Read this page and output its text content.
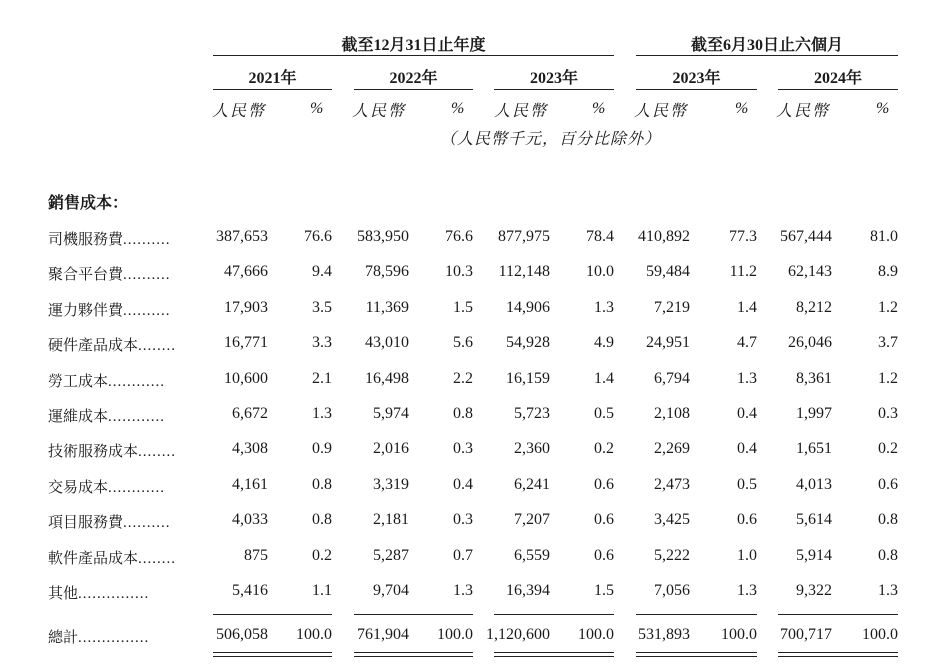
截至12月31日止年度	截至6月30日止六個月
2021年	2022年	2023年	2023年	2024年
人民幣	% 人民幣	% 人民幣	% 人民幣	% 人民幣	%
（人民幣千元，百分比除外）
銷售成本：
司機服務費..........	387,653	76.6	583,950	76.6	877,975	78.4	410,892	77.3	567,444	81.0
聚合平台費..........	47,666	9.4	78,596	10.3	112,148	10.0	59,484	11.2	62,143	8.9
運力夥伴費..........	17,903	3.5	11,369	1.5	14,906	1.3	7,219	1.4	8,212	1.2
硬件產品成本........	16,771	3.3	43,010	5.6	54,928	4.9	24,951	4.7	26,046	3.7
勞工成本............	10,600	2.1	16,498	2.2	16,159	1.4	6,794	1.3	8,361	1.2
運維成本............	6,672	1.3	5,974	0.8	5,723	0.5	2,108	0.4	1,997	0.3
技術服務成本........	4,308	0.9	2,016	0.3	2,360	0.2	2,269	0.4	1,651	0.2
交易成本............	4,161	0.8	3,319	0.4	6,241	0.6	2,473	0.5	4,013	0.6
項目服務費..........	4,033	0.8	2,181	0.3	7,207	0.6	3,425	0.6	5,614	0.8
軟件產品成本........	875	0.2	5,287	0.7	6,559	0.6	5,222	1.0	5,914	0.8
其他...............	5,416	1.1	9,704	1.3	16,394	1.5	7,056	1.3	9,322	1.3
總計...............	506,058	100.0	761,904	100.0 1,120,600	100.0	531,893	100.0	700,717	100.0
